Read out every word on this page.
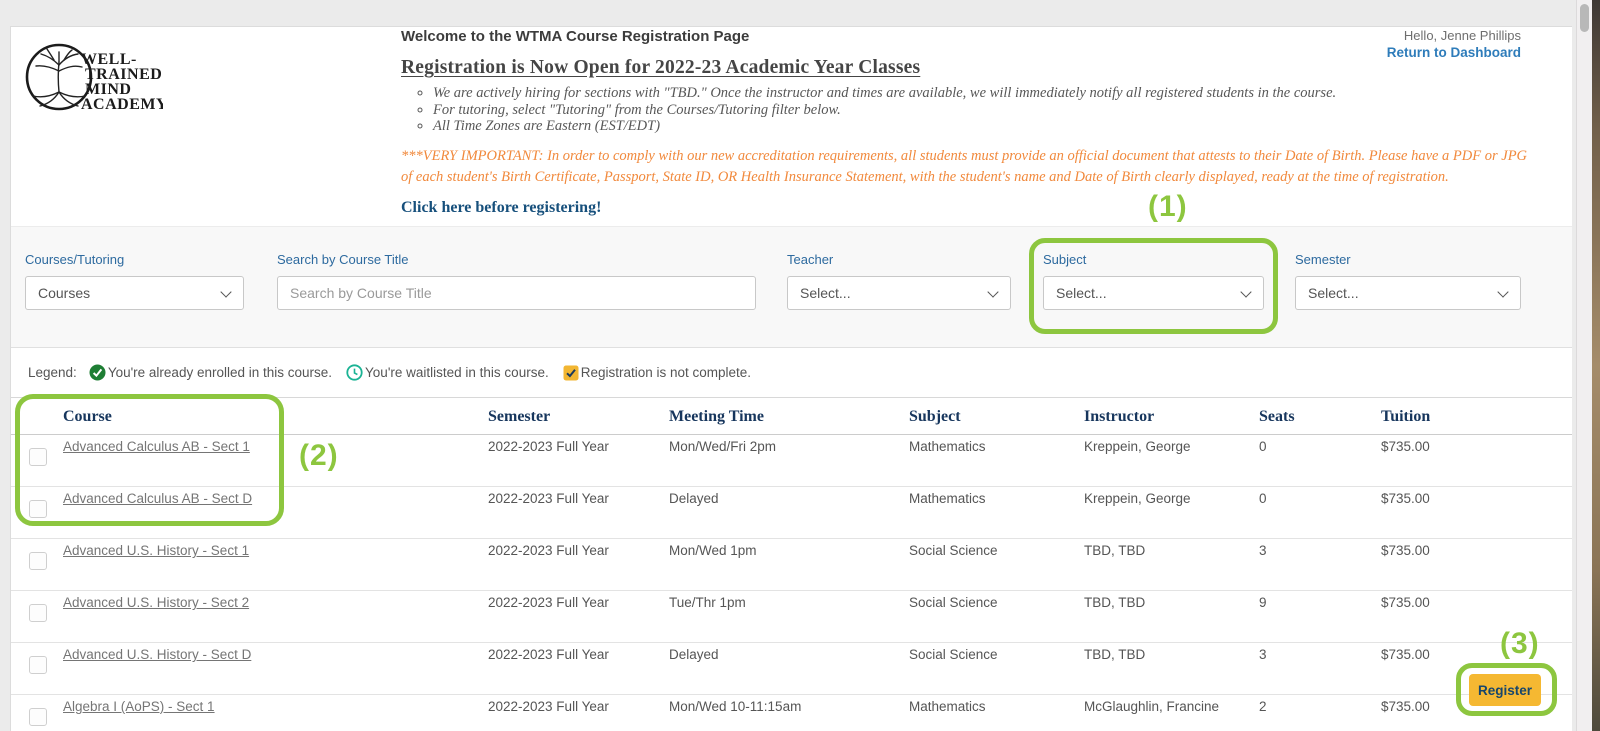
WELL-
TRAINED
MIND
ACADEMY
Welcome to the WTMA Course Registration Page
Registration is Now Open for 2022-23 Academic Year Classes
◦ We are actively hiring for sections with "TBD." Once the instructor and times are available, we will immediately notify all registered students in the course.
◦ For tutoring, select "Tutoring" from the Courses/Tutoring filter below.
◦ All Time Zones are Eastern (EST/EDT)
***VERY IMPORTANT: In order to comply with our new accreditation requirements, all students must provide an official document that attests to their Date of Birth. Please have a PDF or JPG of each student's Birth Certificate, Passport, State ID, OR Health Insurance Statement, with the student's name and Date of Birth clearly displayed, ready at the time of registration.
Click here before registering!
Hello, Jenne Phillips
Return to Dashboard
Courses/Tutoring
Courses
Search by Course Title
Search by Course Title	Teacher
Select...
Subject
Select...
Semester
Select...
Legend: You're already enrolled in this course. You're waitlisted in this course. Registration is not complete.
Course	Semester	Meeting Time	Subject	Instructor	Seats	Tuition
Advanced Calculus AB - Sect 1	2022-2023 Full Year	Mon/Wed/Fri 2pm	Mathematics	Kreppein, George	0	$735.00
Advanced Calculus AB - Sect D	2022-2023 Full Year	Delayed	Mathematics	Kreppein, George	0	$735.00
Advanced U.S. History - Sect 1	2022-2023 Full Year	Mon/Wed 1pm	Social Science	TBD, TBD	3	$735.00
Advanced U.S. History - Sect 2	2022-2023 Full Year	Tue/Thr 1pm	Social Science	TBD, TBD	9	$735.00
Advanced U.S. History - Sect D	2022-2023 Full Year	Delayed	Social Science	TBD, TBD	3	$735.00
Algebra I (AoPS) - Sect 1	2022-2023 Full Year	Mon/Wed 10-11:15am	Mathematics	McGlaughlin, Francine	2	$735.00
Register
(1)
(2)
(3)
